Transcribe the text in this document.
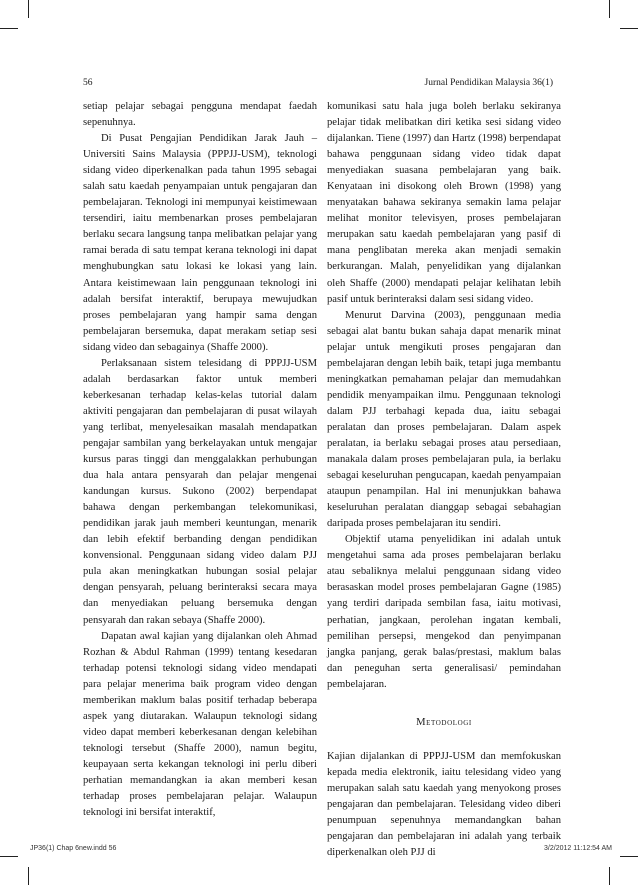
56	Jurnal Pendidikan Malaysia 36(1)

setiap pelajar sebagai pengguna mendapat faedah sepenuhnya.

Di Pusat Pengajian Pendidikan Jarak Jauh – Universiti Sains Malaysia (PPPJJ-USM), teknologi sidang video diperkenalkan pada tahun 1995 sebagai salah satu kaedah penyampaian untuk pengajaran dan pembelajaran. Teknologi ini mempunyai keistimewaan tersendiri, iaitu membenarkan proses pembelajaran berlaku secara langsung tanpa melibatkan pelajar yang ramai berada di satu tempat kerana teknologi ini dapat menghubungkan satu lokasi ke lokasi yang lain. Antara keistimewaan lain penggunaan teknologi ini adalah bersifat interaktif, berupaya mewujudkan proses pembelajaran yang hampir sama dengan pembelajaran bersemuka, dapat merakam setiap sesi sidang video dan sebagainya (Shaffe 2000).

Perlaksanaan sistem telesidang di PPPJJ-USM adalah berdasarkan faktor untuk memberi keberkesanan terhadap kelas-kelas tutorial dalam aktiviti pengajaran dan pembelajaran di pusat wilayah yang terlibat, menyelesaikan masalah mendapatkan pengajar sambilan yang berkelayakan untuk mengajar kursus paras tinggi dan menggalakkan perhubungan dua hala antara pensyarah dan pelajar mengenai kandungan kursus. Sukono (2002) berpendapat bahawa dengan perkembangan telekomunikasi, pendidikan jarak jauh memberi keuntungan, menarik dan lebih efektif berbanding dengan pendidikan konvensional. Penggunaan sidang video dalam PJJ pula akan meningkatkan hubungan sosial pelajar dengan pensyarah, peluang berinteraksi secara maya dan menyediakan peluang bersemuka dengan pensyarah dan rakan sebaya (Shaffe 2000).

Dapatan awal kajian yang dijalankan oleh Ahmad Rozhan & Abdul Rahman (1999) tentang kesedaran terhadap potensi teknologi sidang video mendapati para pelajar menerima baik program video dengan memberikan maklum balas positif terhadap beberapa aspek yang diutarakan. Walaupun teknologi sidang video dapat memberi keberkesanan dengan kelebihan teknologi tersebut (Shaffe 2000), namun begitu, keupayaan serta kekangan teknologi ini perlu diberi perhatian memandangkan ia akan memberi kesan terhadap proses pembelajaran pelajar. Walaupun teknologi ini bersifat interaktif,

komunikasi satu hala juga boleh berlaku sekiranya pelajar tidak melibatkan diri ketika sesi sidang video dijalankan. Tiene (1997) dan Hartz (1998) berpendapat bahawa penggunaan sidang video tidak dapat menyediakan suasana pembelajaran yang baik. Kenyataan ini disokong oleh Brown (1998) yang menyatakan bahawa sekiranya semakin lama pelajar melihat monitor televisyen, proses pembelajaran merupakan satu kaedah pembelajaran yang pasif di mana penglibatan mereka akan menjadi semakin berkurangan. Malah, penyelidikan yang dijalankan oleh Shaffe (2000) mendapati pelajar kelihatan lebih pasif untuk berinteraksi dalam sesi sidang video.

Menurut Darvina (2003), penggunaan media sebagai alat bantu bukan sahaja dapat menarik minat pelajar untuk mengikuti proses pengajaran dan pembelajaran dengan lebih baik, tetapi juga membantu meningkatkan pemahaman pelajar dan memudahkan pendidik menyampaikan ilmu. Penggunaan teknologi dalam PJJ terbahagi kepada dua, iaitu sebagai peralatan dan proses pembelajaran. Dalam aspek peralatan, ia berlaku sebagai proses atau persediaan, manakala dalam proses pembelajaran pula, ia berlaku sebagai keseluruhan pengucapan, kaedah penyampaian ataupun penampilan. Hal ini menunjukkan bahawa keseluruhan peralatan dianggap sebagai sebahagian daripada proses pembelajaran itu sendiri.

Objektif utama penyelidikan ini adalah untuk mengetahui sama ada proses pembelajaran berlaku atau sebaliknya melalui penggunaan sidang video berasaskan model proses pembelajaran Gagne (1985) yang terdiri daripada sembilan fasa, iaitu motivasi, perhatian, jangkaan, perolehan ingatan kembali, pemilihan persepsi, mengekod dan penyimpanan jangka panjang, gerak balas/prestasi, maklum balas dan peneguhan serta generalisasi/ pemindahan pembelajaran.

Metodologi

Kajian dijalankan di PPPJJ-USM dan memfokuskan kepada media elektronik, iaitu telesidang video yang merupakan salah satu kaedah yang menyokong proses pengajaran dan pembelajaran. Telesidang video diberi penumpuan sepenuhnya memandangkan bahan pengajaran dan pembelajaran ini adalah yang terbaik diperkenalkan oleh PJJ di

JP36(1) Chap 6new.indd 56	3/2/2012 11:12:54 AM
